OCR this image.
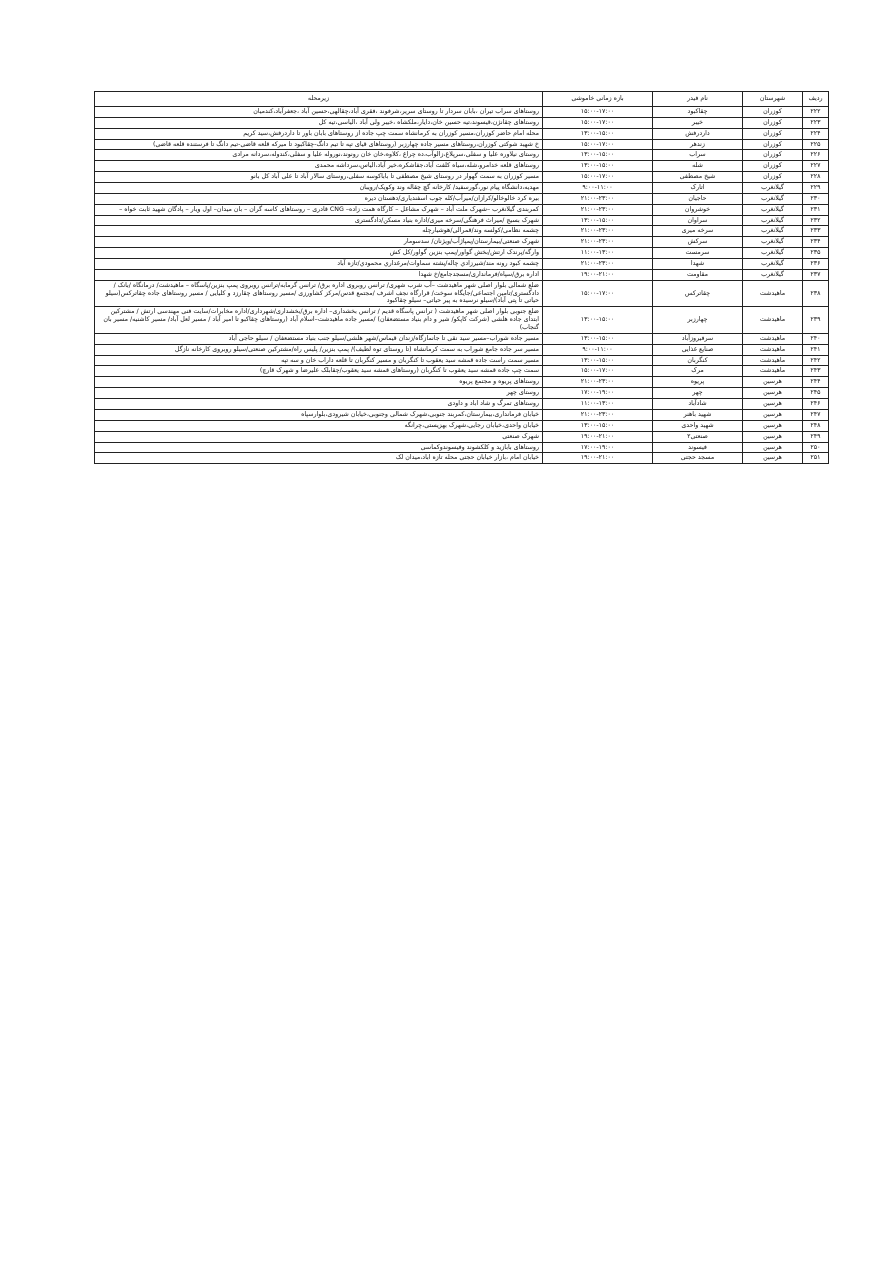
ردیف	شهرستان	نام فیدر	بازه زمانی خاموشی	زیرمحله
۲۲۲	کوزران	چقاکبود	۱۵:۰۰-۱۷:۰۰	روستاهای سراب تیران ،بابان سردار تا روستای سریر،شرفوند ،فقری آباد،چقالهی،حسین آباد ،جعفرآباد،کندمیان
۲۲۳	کوزران	خیبر	۱۵:۰۰-۱۷:۰۰	روستاهای چقانژن،قیسوند،تیه حسین خان،دایار،ملکشاه ،خیبر ولی آباد ،الیاسی،تیه کل
۲۲۴	کوزران	داردرفش	۱۳:۰۰-۱۵:۰۰	محله امام حاضر کوزران،مسیر کوزران به کرمانشاه سمت چپ جاده از روستاهای بابان باور تا داردرفش،سید کریم
۲۲۵	کوزران	زندهر	۱۵:۰۰-۱۷:۰۰	خ شهید شوکتی کوزران،روستاهای مسیر جاده چهارزبر (روستاهای قیای تپه تا تیم دانگ-چقاکبود تا میرکه قلعه قاضی-تیم دانگ تا فرستنده قلعه قاضی)
۲۲۶	کوزران	سراب	۱۳:۰۰-۱۵:۰۰	روستای نیلاوره علیا و سفلی،سرپلاغ،زالوآب،ده چراغ ،کلاوه،خان خان رونوند،نوروله علیا و سفلی،کندوله،سردانه مرادی
۲۲۷	کوزران	شله	۱۳:۰۰-۱۵:۰۰	روستاهای قلعه خدامرو،شله،سیاه کلفت آباد،جفاشکره،خیر آباد،الیاس،سرداشه محمدی
۲۲۸	کوزران	شیخ مصطفی	۱۵:۰۰-۱۷:۰۰	مسیر کوزران به سمت گهوار در روستای شیخ مصطفی تا باباکوسه سفلی،روستای سالار آباد تا علی آباد کل بانو
۲۲۹	گیلانغرب	اتارک	۹:۰۰-۱۱:۰۰	مهدیه،دانشگاه پیام نور،گورسفید/ کارخانه گچ چقاله وند وکویک/رویبان
۲۳۰	گیلانغرب	حاجیان	۲۱:۰۰-۲۳:۰۰	بیره کرد خالوخالو/کرازان/میرآب/کله جوب اسفندیاری/دهستان دیره
۲۳۱	گیلانغرب	خوشروان	۲۱:۰۰-۲۳:۰۰	کمربندی گیلانغرب –شهرک ملت آباد – شهرک مشاغل – کارگاه همت زاده– CNG قادری – روستاهای کاسه گران – بان میدان– اول ویار – پادگان شهید ثابت خواه –
۲۳۲	گیلانغرب	سراوان	۱۳:۰۰-۱۵:۰۰	شهرک بسیج /میراث فرهنگی/سرخه میری/اداره بنیاد مسکن/دادگستری
۲۳۳	گیلانغرب	سرخه میری	۲۱:۰۰-۲۳:۰۰	چشمه نظامی/کولسه وند/قمرالی/هوشیارچله
۲۳۴	گیلانغرب	سرکش	۲۱:۰۰-۲۳:۰۰	شهرک صنعتی/بیمارستان/پمپاژآب/ویژنان/ سدسومار
۲۳۵	گیلانغرب	سرمست	۱۱:۰۰-۱۳:۰۰	وارگه/پرندک ارتش/بخش گواور/پمپ بنزین گواور/کل کش
۲۳۶	گیلانغرب	شهدا	۲۱:۰۰-۲۳:۰۰	چشمه کبود رونه مند/شیرزادي چاله/پشته سماوات/مرغداري محمودي/تازه آباد
۲۳۷	گیلانغرب	مقاومت	۱۹:۰۰-۲۱:۰۰	اداره برق/سپاه/فرمانداری/مسجدجامع/خ شهدا
۲۳۸	ماهیدشت	چقاترکس	۱۵:۰۰-۱۷:۰۰	ضلع شمالی بلوار اصلی شهر ماهیدشت –آب شرب شهری/ ترانس روبروی اداره برق/ ترانس گرمابه/ترانس روبروی پمپ بنزین/پاسگاه – ماهیدشت/ درمانگاه /بانک /دادگستری/تامین اجتماعی/جایگاه سوخت/ قرارگاه نجف اشرف /مجتمع قدس/مرکز کشاورزی /مسیر روستاهای چقارزد و کلیایی / مسیر روستاهای جاده چقاترکس(سیلو حیاتی تا پتی آباد)/سیلو نرسیده به پیر حیاتی– سیلو چقاکبود
۲۳۹	ماهیدشت	چهارزبر	۱۳:۰۰-۱۵:۰۰	ضلع جنوبی بلوار اصلی شهر ماهیدشت ( ترانس پاسگاه قدیم / ترانس بخشداری– اداره برق/بخشداری/شهرداری/اداره مخابرات/سایت فنی مهندسی ارتش / مشترکین ابتدای جاده هلشی (شرکت کاپکو/ شیر و دام بنیاد مستضعفان) /مسیر جاده ماهیدشت–اسلام آباد (روستاهای چقاکبو تا امیر آباد / مسیر لعل آباد/ مسیر کاشنیه/ مسیر بان گنجاب)
۲۴۰	ماهیدشت	سرفیروزآباد	۱۳:۰۰-۱۵:۰۰	مسیر جاده شوراب–مسیر سید نقی تا جانمازگاه/زندان قیماس/شهر هلشی/سیلو جنب بنیاد مستضعفان / سیلو حاجی آباد
۲۴۱	ماهیدشت	صنایع غذایی	۹:۰۰-۱۱:۰۰	مسیر سر جاده جامع شوراب به سمت کرمانشاه (تا روستای توه لطیف)/ پمپ بنزین/ پلیس راه/مشترکین صنعتی/سیلو روبروی کارخانه نازگل
۲۴۲	ماهیدشت	کنگربان	۱۳:۰۰-۱۵:۰۰	مسیر سمت راست جاده قمشه سید یعقوب تا کنگربان و مسیر کنگربان تا قلعه داراب خان و سه تپه
۲۴۳	ماهیدشت	مرک	۱۵:۰۰-۱۷:۰۰	سمت چپ جاده قمشه سید یعقوب تا کنگربان (روستاهای قمشه سید یعقوب/چقابلک علیرضا و شهرک قارچ)
۲۴۴	هرسین	پریوه	۲۱:۰۰-۲۳:۰۰	روستاهای پریوه و مجتمع پریوه
۲۴۵	هرسین	چهر	۱۷:۰۰-۱۹:۰۰	روستای چهر
۲۴۶	هرسین	شادآباد	۱۱:۰۰-۱۳:۰۰	روستاهای تمرگ و شاد اباد و داودی
۲۴۷	هرسین	شهید باهنر	۲۱:۰۰-۲۳:۰۰	خیابان فرمانداری،بیمارستان،کمربند جنوبی،شهرک شمالی وجنوبی،خیابان شیرودی،بلوارسپاه
۲۴۸	هرسین	شهید واحدی	۱۳:۰۰-۱۵:۰۰	خیابان واحدی،خیابان رجایی،شهرک بهزیستی،چرانگه
۲۴۹	هرسین	صنعتی۲	۱۹:۰۰-۲۱:۰۰	شهرک صنعتی
۲۵۰	هرسین	فیسوند	۱۷:۰۰-۱۹:۰۰	روستاهای بابازید و کلکشوند وفیسوندوکماسی
۲۵۱	هرسین	مسجد حجتی	۱۹:۰۰-۲۱:۰۰	خیابان امام ،بازار خیابان حجتی محله تازه اباد،میدان لک
